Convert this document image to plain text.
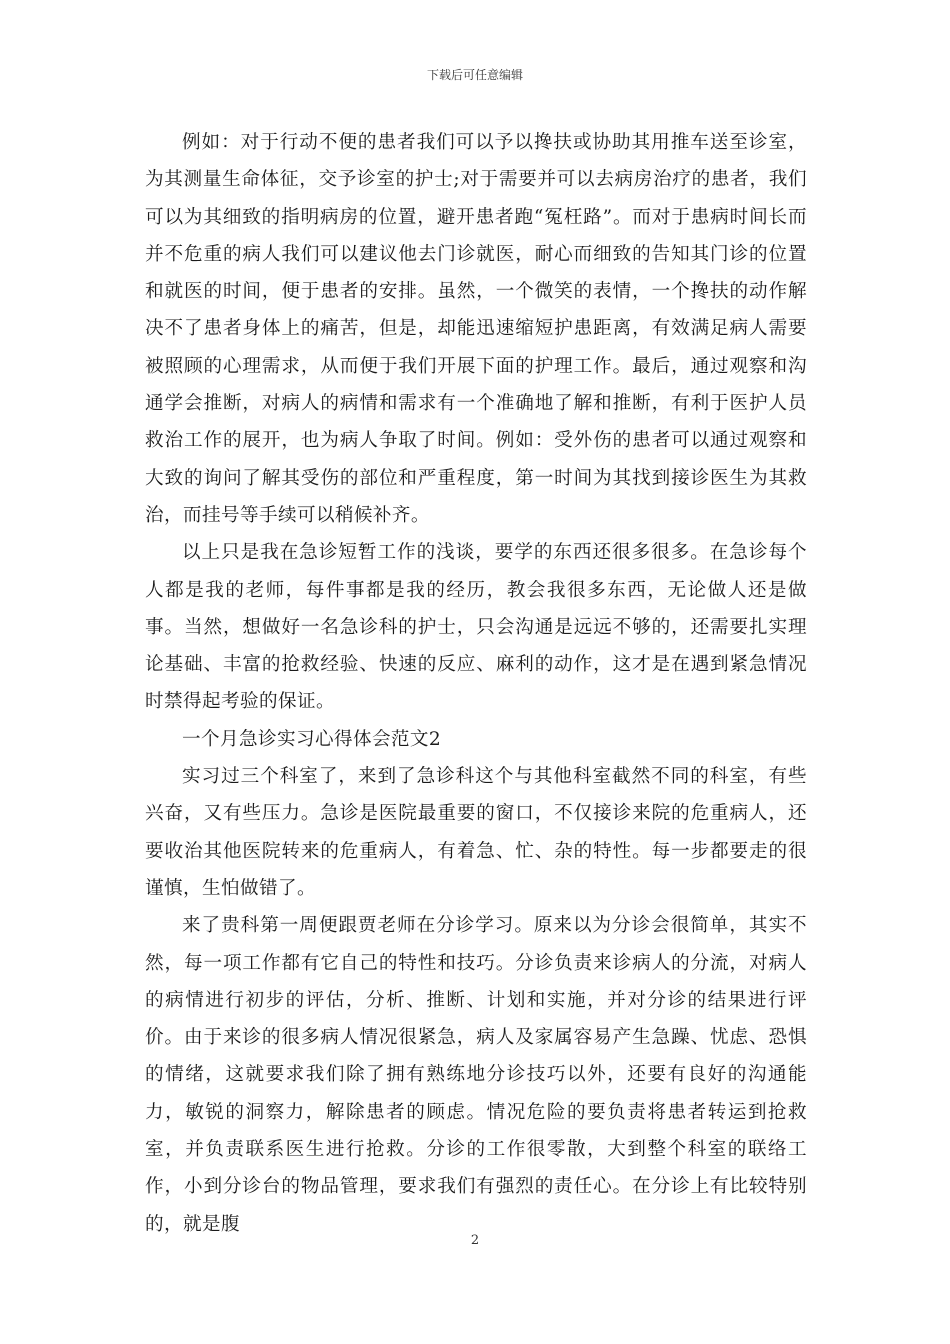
下载后可任意编辑

例如：对于行动不便的患者我们可以予以搀扶或协助其用推车送至诊室，为其测量生命体征，交予诊室的护士;对于需要并可以去病房治疗的患者，我们可以为其细致的指明病房的位置，避开患者跑“冤枉路”。而对于患病时间长而并不危重的病人我们可以建议他去门诊就医，耐心而细致的告知其门诊的位置和就医的时间，便于患者的安排。虽然，一个微笑的表情，一个搀扶的动作解决不了患者身体上的痛苦，但是，却能迅速缩短护患距离，有效满足病人需要被照顾的心理需求，从而便于我们开展下面的护理工作。最后，通过观察和沟通学会推断，对病人的病情和需求有一个准确地了解和推断，有利于医护人员救治工作的展开，也为病人争取了时间。例如：受外伤的患者可以通过观察和大致的询问了解其受伤的部位和严重程度，第一时间为其找到接诊医生为其救治，而挂号等手续可以稍候补齐。

以上只是我在急诊短暂工作的浅谈，要学的东西还很多很多。在急诊每个人都是我的老师，每件事都是我的经历，教会我很多东西，无论做人还是做事。当然，想做好一名急诊科的护士，只会沟通是远远不够的，还需要扎实理论基础、丰富的抢救经验、快速的反应、麻利的动作，这才是在遇到紧急情况时禁得起考验的保证。

一个月急诊实习心得体会范文2

实习过三个科室了，来到了急诊科这个与其他科室截然不同的科室，有些兴奋，又有些压力。急诊是医院最重要的窗口，不仅接诊来院的危重病人，还要收治其他医院转来的危重病人，有着急、忙、杂的特性。每一步都要走的很谨慎，生怕做错了。

来了贵科第一周便跟贾老师在分诊学习。原来以为分诊会很简单，其实不然，每一项工作都有它自己的特性和技巧。分诊负责来诊病人的分流，对病人的病情进行初步的评估，分析、推断、计划和实施，并对分诊的结果进行评价。由于来诊的很多病人情况很紧急，病人及家属容易产生急躁、忧虑、恐惧的情绪，这就要求我们除了拥有熟练地分诊技巧以外，还要有良好的沟通能力，敏锐的洞察力，解除患者的顾虑。情况危险的要负责将患者转运到抢救室，并负责联系医生进行抢救。分诊的工作很零散，大到整个科室的联络工作，小到分诊台的物品管理，要求我们有强烈的责任心。在分诊上有比较特别的，就是腹

2
